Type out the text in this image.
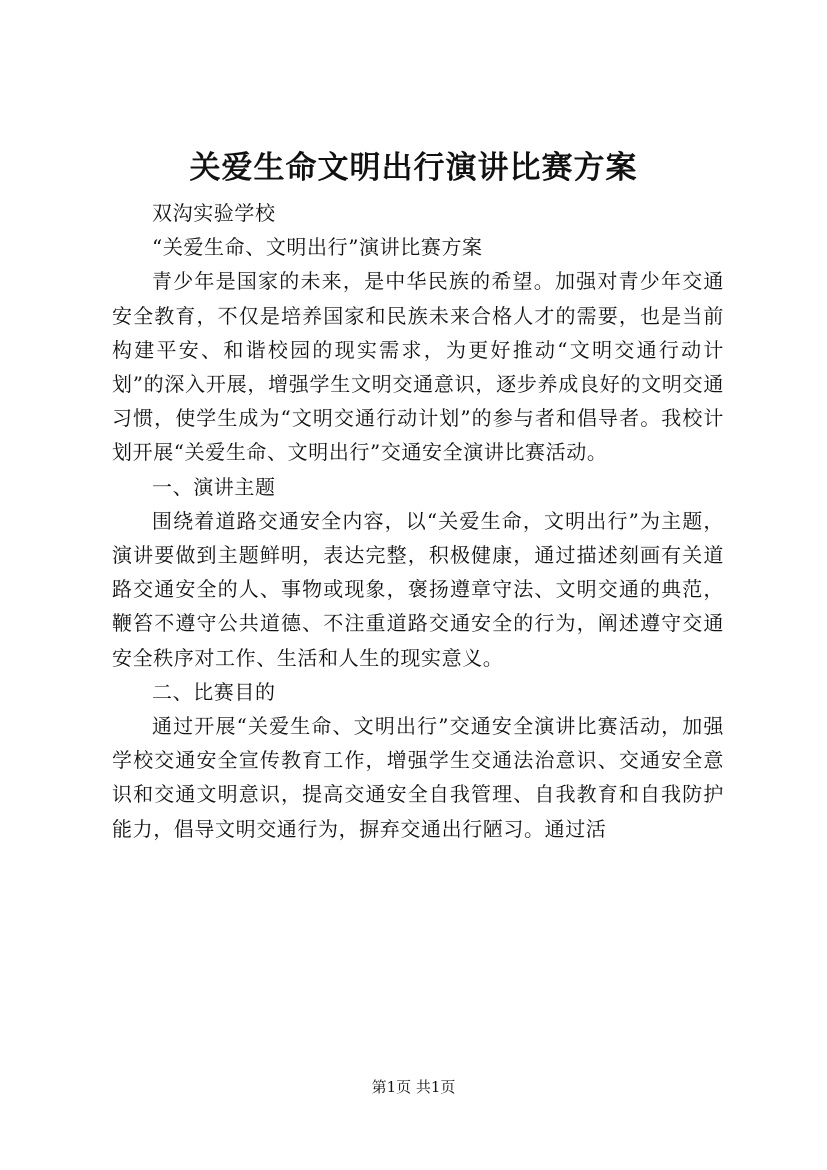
关爱生命文明出行演讲比赛方案

双沟实验学校

“关爱生命、文明出行”演讲比赛方案

青少年是国家的未来，是中华民族的希望。加强对青少年交通安全教育，不仅是培养国家和民族未来合格人才的需要，也是当前构建平安、和谐校园的现实需求，为更好推动“文明交通行动计划”的深入开展，增强学生文明交通意识，逐步养成良好的文明交通习惯，使学生成为“文明交通行动计划”的参与者和倡导者。我校计划开展“关爱生命、文明出行”交通安全演讲比赛活动。

一、演讲主题

围绕着道路交通安全内容，以“关爱生命，文明出行”为主题，演讲要做到主题鲜明，表达完整，积极健康，通过描述刻画有关道路交通安全的人、事物或现象，褒扬遵章守法、文明交通的典范，鞭笞不遵守公共道德、不注重道路交通安全的行为，阐述遵守交通安全秩序对工作、生活和人生的现实意义。

二、比赛目的

通过开展“关爱生命、文明出行”交通安全演讲比赛活动，加强学校交通安全宣传教育工作，增强学生交通法治意识、交通安全意识和交通文明意识，提高交通安全自我管理、自我教育和自我防护能力，倡导文明交通行为，摒弃交通出行陋习。通过活

第1页 共1页
